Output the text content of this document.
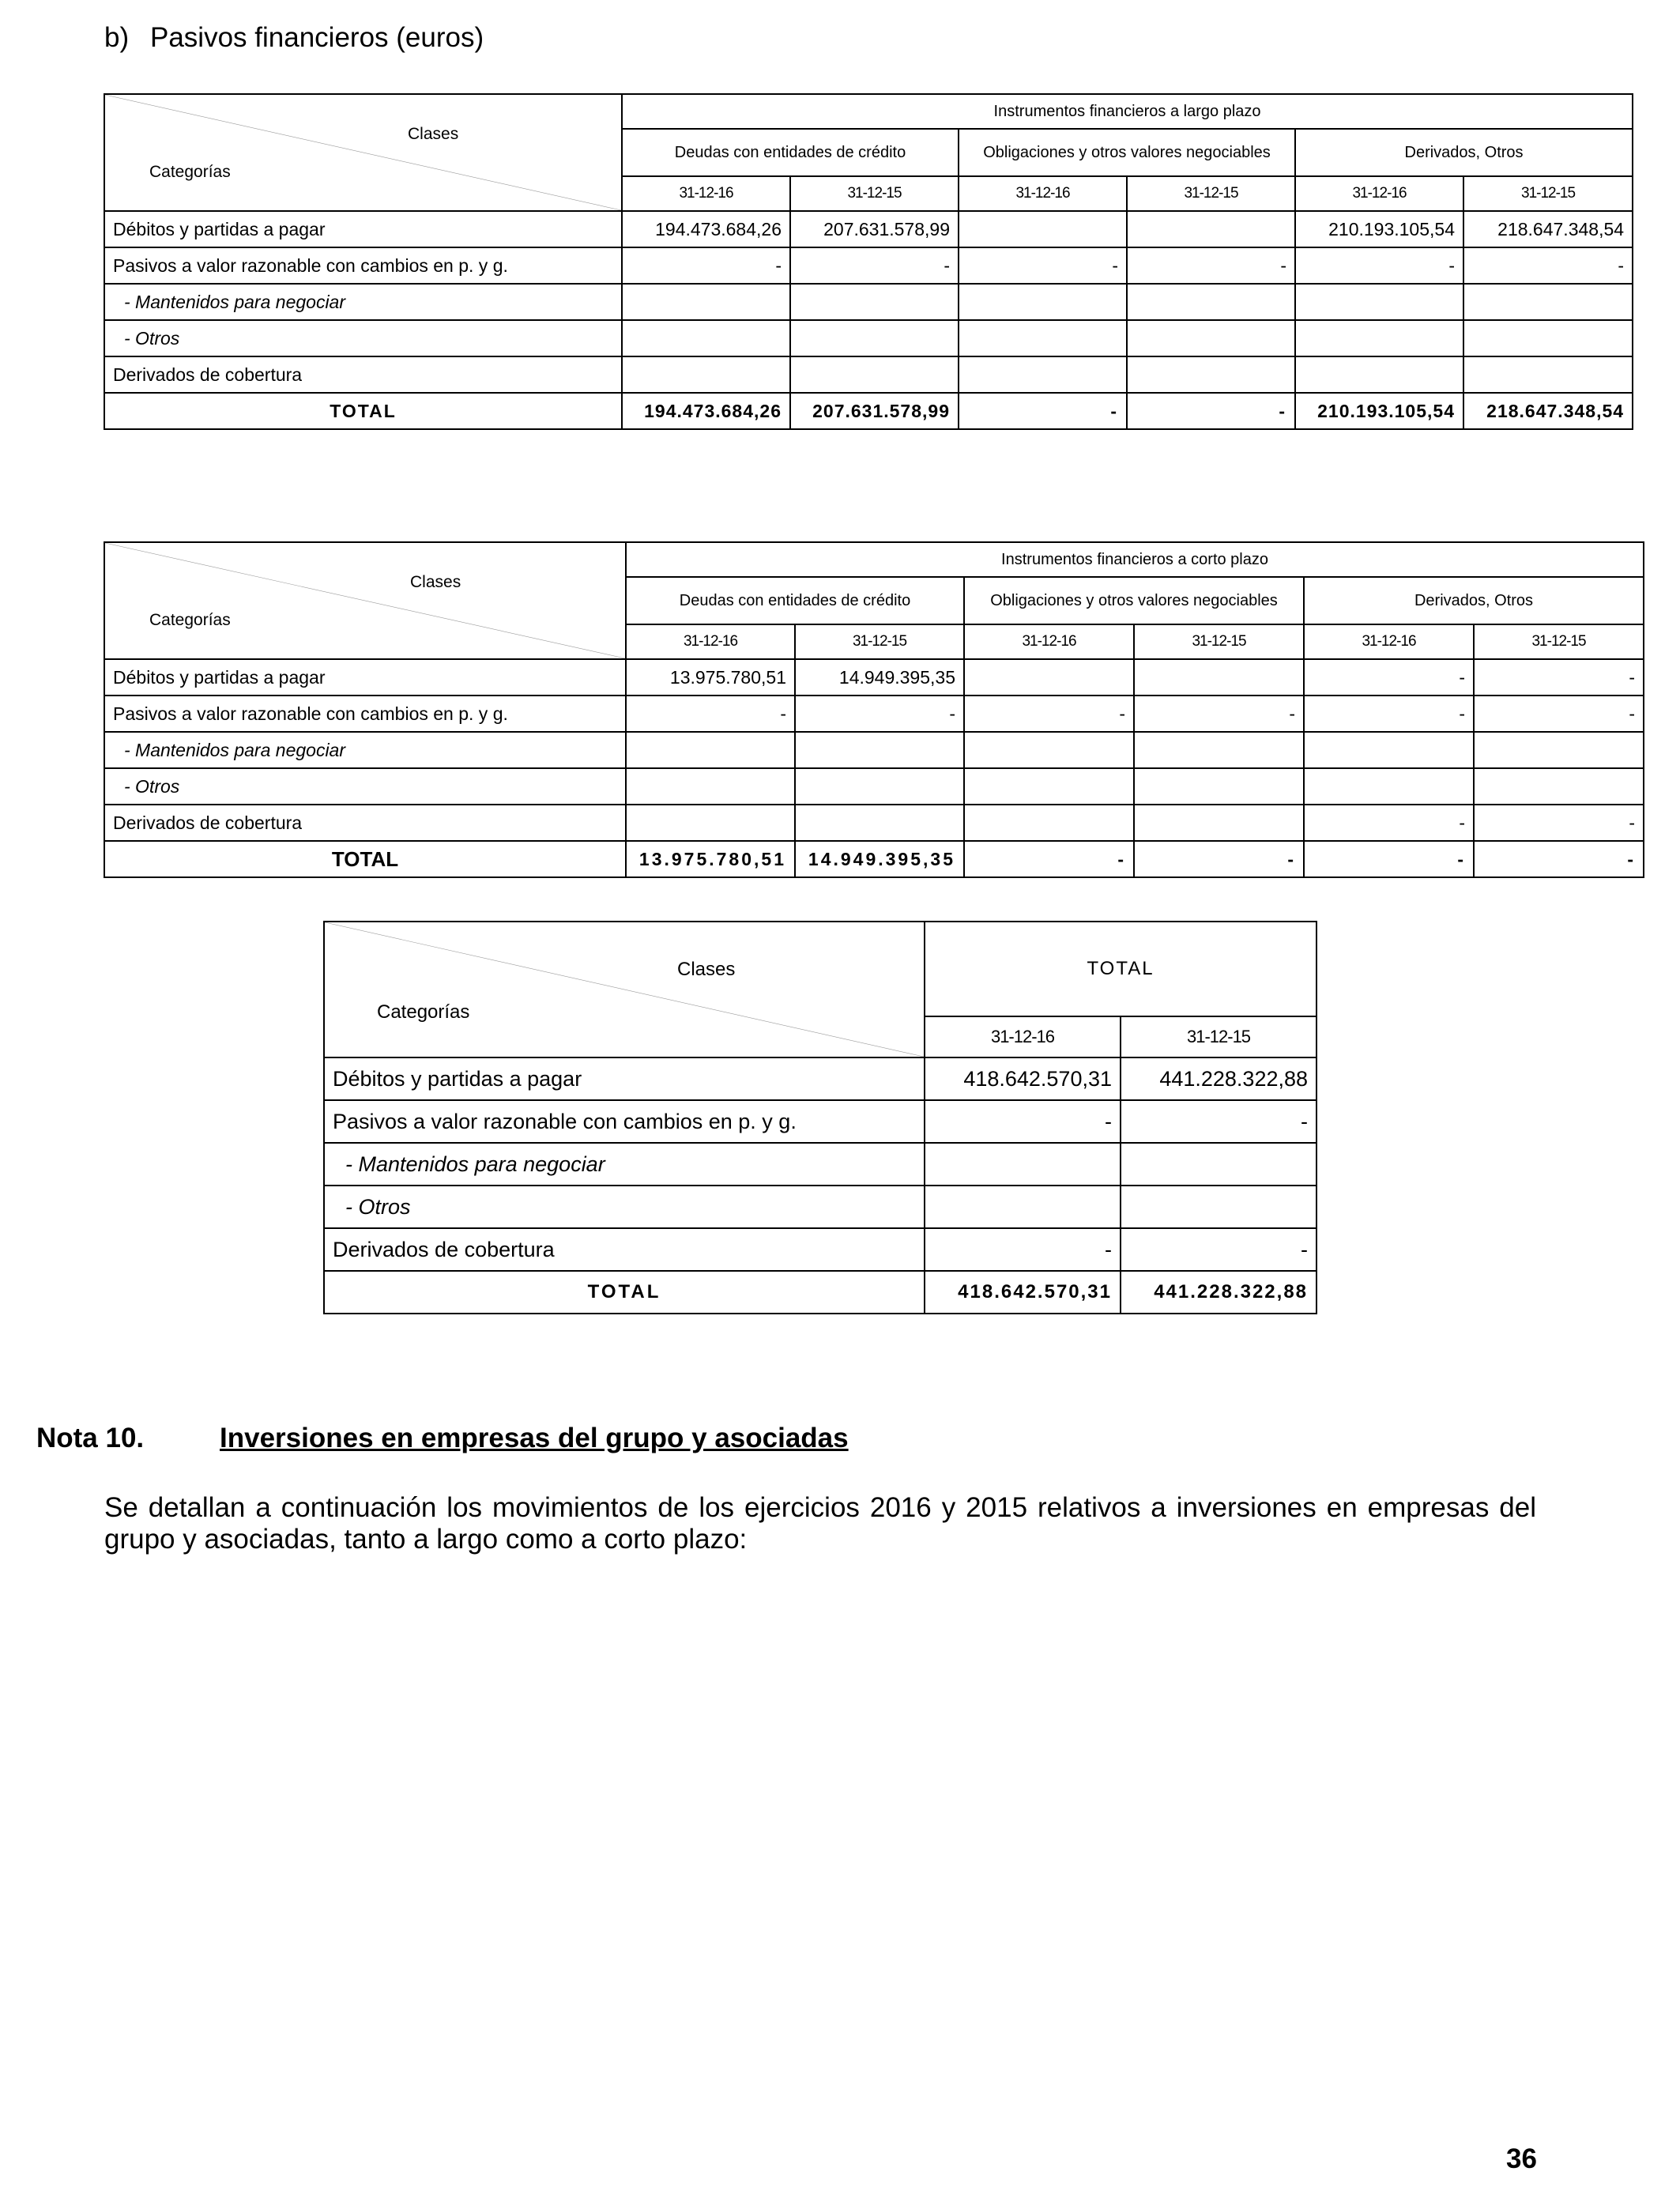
b) Pasivos financieros (euros)
Clases
Categorías	Instrumentos financieros a largo plazo					
	Deudas con entidades de crédito		Obligaciones y otros valores negociables		Derivados, Otros	
	31-12-16	31-12-15	31-12-16	31-12-15	31-12-16	31-12-15
Débitos y partidas a pagar	194.473.684,26	207.631.578,99			210.193.105,54	218.647.348,54
Pasivos a valor razonable con cambios en p. y g.	-	-	-	-	-	-
- Mantenidos para negociar						
- Otros						
Derivados de cobertura						
TOTAL	194.473.684,26	207.631.578,99	-	-	210.193.105,54	218.647.348,54
Clases
Categorías	Instrumentos financieros a corto plazo					
	Deudas con entidades de crédito		Obligaciones y otros valores negociables		Derivados, Otros	
	31-12-16	31-12-15	31-12-16	31-12-15	31-12-16	31-12-15
Débitos y partidas a pagar	13.975.780,51	14.949.395,35			-	-
Pasivos a valor razonable con cambios en p. y g.	-	-	-	-	-	-
- Mantenidos para negociar						
- Otros						
Derivados de cobertura					-	-
TOTAL	13.975.780,51	14.949.395,35	-	-	-	-
Clases
Categorías	TOTAL	
	31-12-16	31-12-15
Débitos y partidas a pagar	418.642.570,31	441.228.322,88
Pasivos a valor razonable con cambios en p. y g.	-	-
- Mantenidos para negociar		
- Otros		
Derivados de cobertura	-	-
TOTAL	418.642.570,31	441.228.322,88
Nota 10.	Inversiones en empresas del grupo y asociadas
Se detallan a continuación los movimientos de los ejercicios 2016 y 2015 relativos a inversiones en empresas del grupo y asociadas, tanto a largo como a corto plazo:
36
